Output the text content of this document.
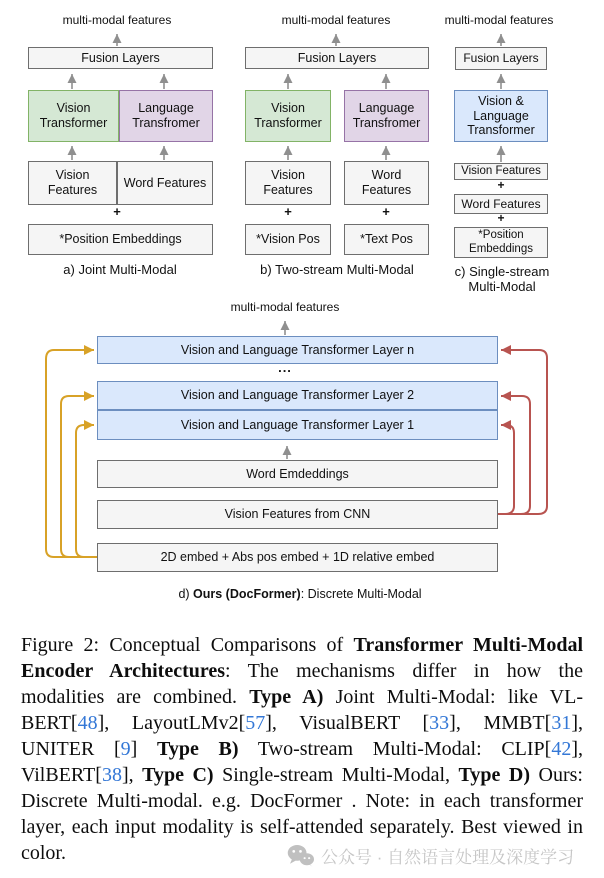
multi-modal features
Fusion Layers
Vision Transformer
Language Transfromer
Vision Features
Word Features
+
*Position Embeddings
a) Joint Multi-Modal
multi-modal features
Fusion Layers
Vision Transformer
Language Transfromer
Vision Features
Word Features
+	+
*Vision Pos	*Text Pos
b) Two-stream Multi-Modal
multi-modal features
Fusion Layers
Vision & Language Transformer
Vision Features
+
Word Features
+
*Position Embeddings
c) Single-stream
Multi-Modal
multi-modal features
Vision and Language Transformer Layer n
...
Vision and Language Transformer Layer 2
Vision and Language Transformer Layer 1
Word Emdeddings
Vision Features from CNN
2D embed + Abs pos embed + 1D relative embed
d) Ours (DocFormer): Discrete Multi-Modal
Figure 2: Conceptual Comparisons of Transformer Multi-Modal Encoder Architectures: The mechanisms differ in how the modalities are combined. Type A) Joint Multi-Modal: like VL-BERT[48], LayoutLMv2[57], VisualBERT [33], MMBT[31], UNITER [9] Type B) Two-stream Multi-Modal: CLIP[42], VilBERT[38], Type C) Single-stream Multi-Modal, Type D) Ours: Discrete Multi-modal. e.g. DocFormer . Note: in each transformer layer, each input modality is self-attended separately. Best viewed in color.	公众号 · 自然语言处理及深度学习
